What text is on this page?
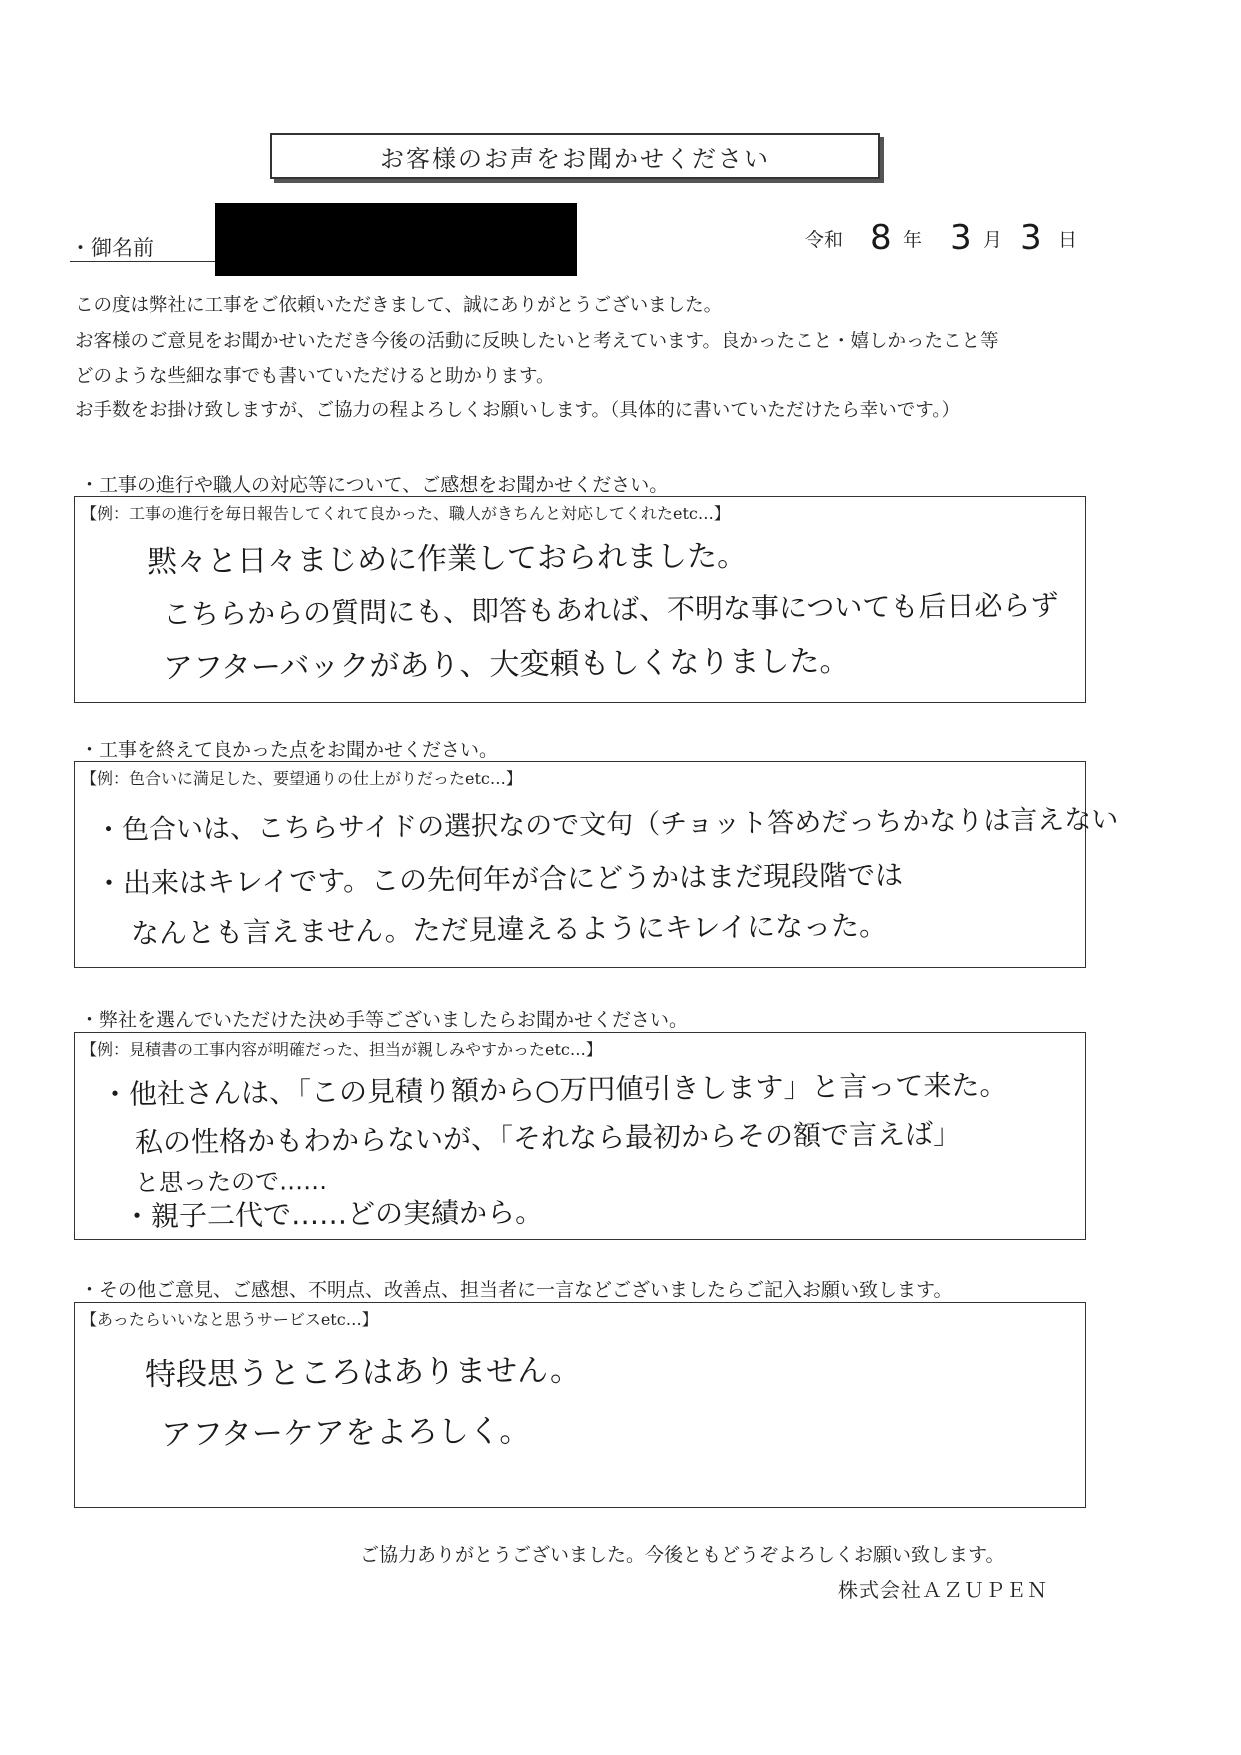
お客様のお声をお聞かせください
・御名前	令和 8 年 3 月 3 日
この度は弊社に工事をご依頼いただきまして、誠にありがとうございました。
お客様のご意見をお聞かせいただき今後の活動に反映したいと考えています。良かったこと・嬉しかったこと等
どのような些細な事でも書いていただけると助かります。
お手数をお掛け致しますが、ご協力の程よろしくお願いします。（具体的に書いていただけたら幸いです。）
・工事の進行や職人の対応等について、ご感想をお聞かせください。
【例：工事の進行を毎日報告してくれて良かった、職人がきちんと対応してくれたetc…】
黙々と日々まじめに作業しておられました。
こちらからの質問にも、即答もあれば、不明な事についても后日必らず
アフターバックがあり、大変頼もしくなりました。
・工事を終えて良かった点をお聞かせください。
【例：色合いに満足した、要望通りの仕上がりだったetc…】
・色合いは、こちらサイドの選択なので文句（チョット答めだっちかなりは言えない
・出来はキレイです。この先何年が合にどうかはまだ現段階では
なんとも言えません。ただ見違えるようにキレイになった。
・弊社を選んでいただけた決め手等ございましたらお聞かせください。
【例：見積書の工事内容が明確だった、担当が親しみやすかったetc…】
・他社さんは、「この見積り額から○万円値引きします」と言って来た。
私の性格かもわからないが、「それなら最初からその額で言えば」
と思ったので……
・親子二代で……どの実績から。
・その他ご意見、ご感想、不明点、改善点、担当者に一言などございましたらご記入お願い致します。
【あったらいいなと思うサービスetc…】
特段思うところはありません。
アフターケアをよろしく。
ご協力ありがとうございました。今後ともどうぞよろしくお願い致します。
株式会社ＡＺＵＰＥＮ
